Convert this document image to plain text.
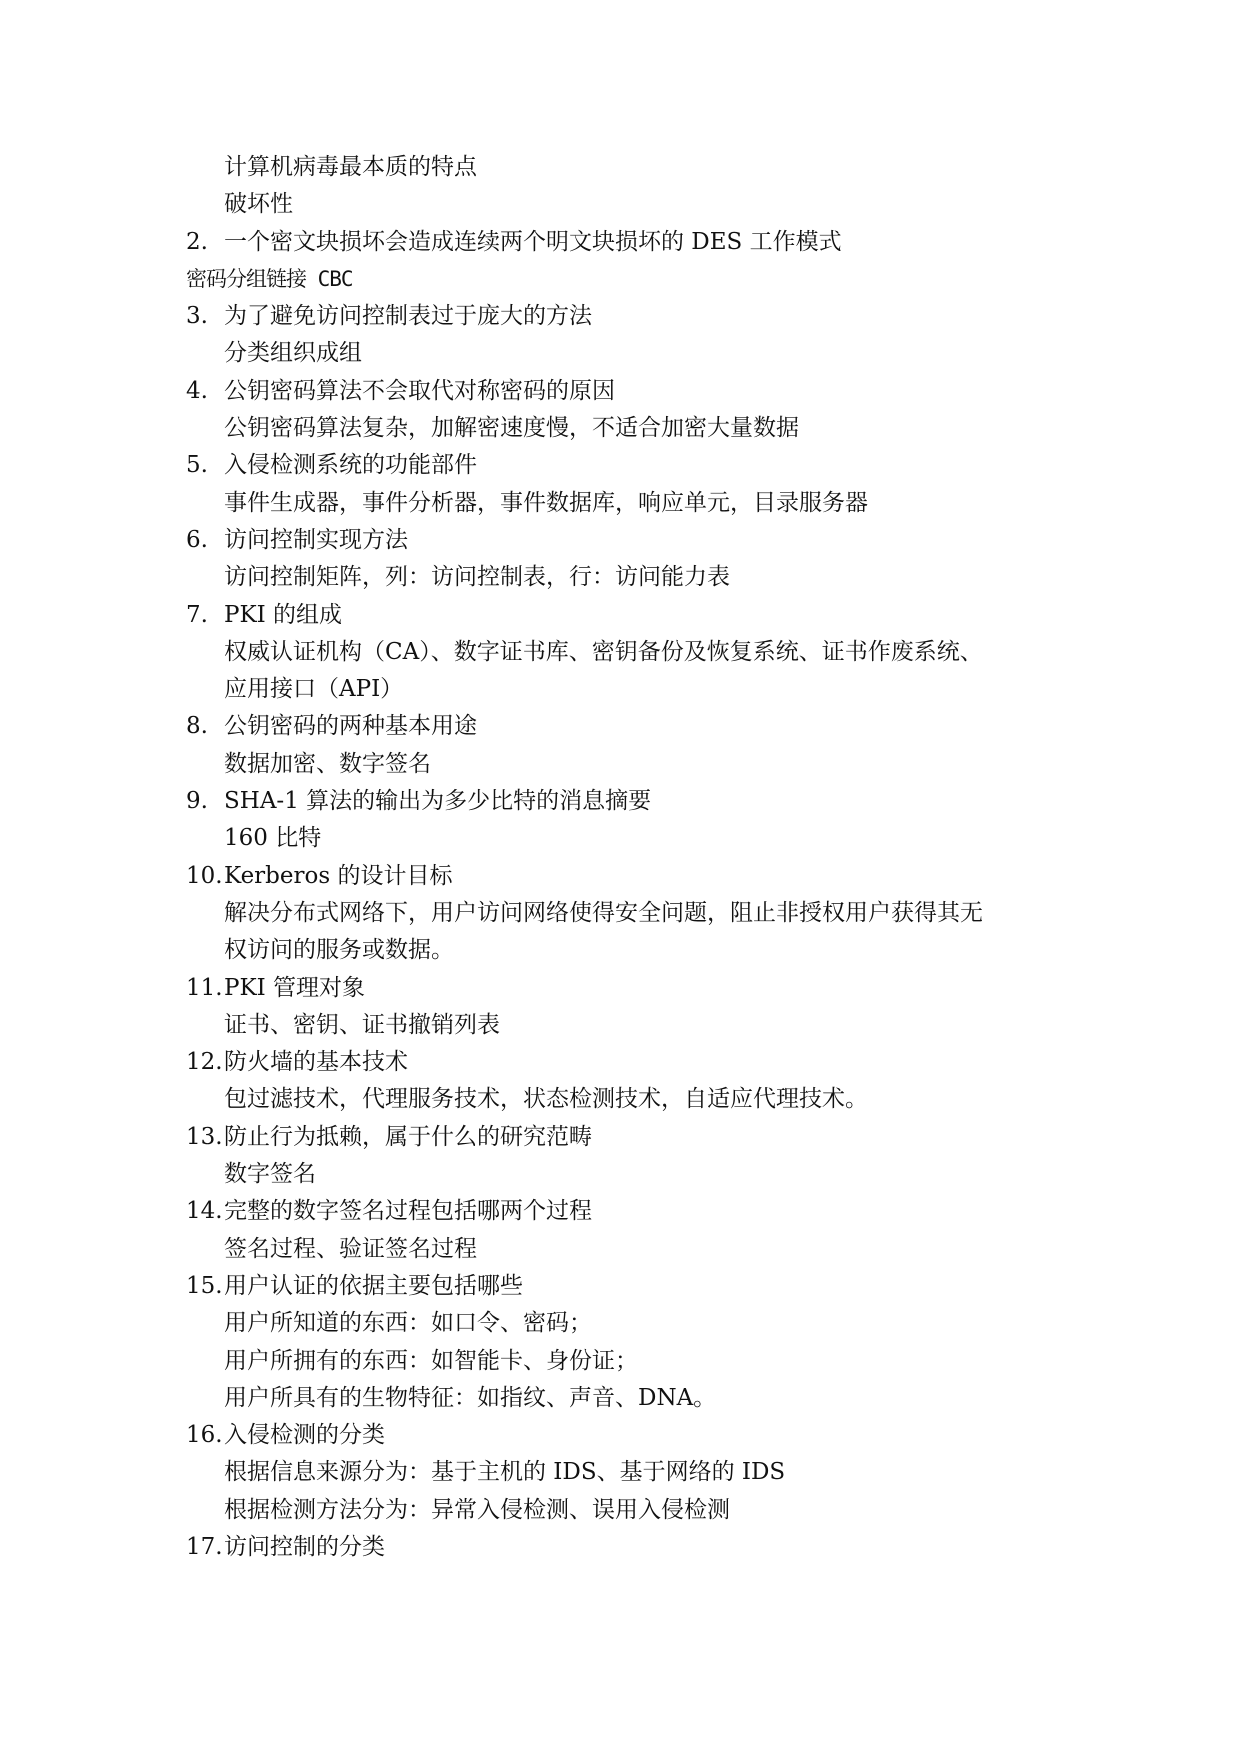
计算机病毒最本质的特点
破坏性
2. 一个密文块损坏会造成连续两个明文块损坏的 DES 工作模式
密码分组链接 CBC
3. 为了避免访问控制表过于庞大的方法
分类组织成组
4. 公钥密码算法不会取代对称密码的原因
公钥密码算法复杂，加解密速度慢，不适合加密大量数据
5. 入侵检测系统的功能部件
事件生成器，事件分析器，事件数据库，响应单元，目录服务器
6. 访问控制实现方法
访问控制矩阵，列：访问控制表，行：访问能力表
7. PKI 的组成
权威认证机构（CA）、数字证书库、密钥备份及恢复系统、证书作废系统、
应用接口（API）
8. 公钥密码的两种基本用途
数据加密、数字签名
9. SHA-1 算法的输出为多少比特的消息摘要
160 比特
10. Kerberos 的设计目标
解决分布式网络下，用户访问网络使得安全问题，阻止非授权用户获得其无
权访问的服务或数据。
11. PKI 管理对象
证书、密钥、证书撤销列表
12. 防火墙的基本技术
包过滤技术，代理服务技术，状态检测技术，自适应代理技术。
13. 防止行为抵赖，属于什么的研究范畴
数字签名
14. 完整的数字签名过程包括哪两个过程
签名过程、验证签名过程
15. 用户认证的依据主要包括哪些
用户所知道的东西：如口令、密码；
用户所拥有的东西：如智能卡、身份证；
用户所具有的生物特征：如指纹、声音、DNA。
16. 入侵检测的分类
根据信息来源分为：基于主机的 IDS、基于网络的 IDS
根据检测方法分为：异常入侵检测、误用入侵检测
17. 访问控制的分类
